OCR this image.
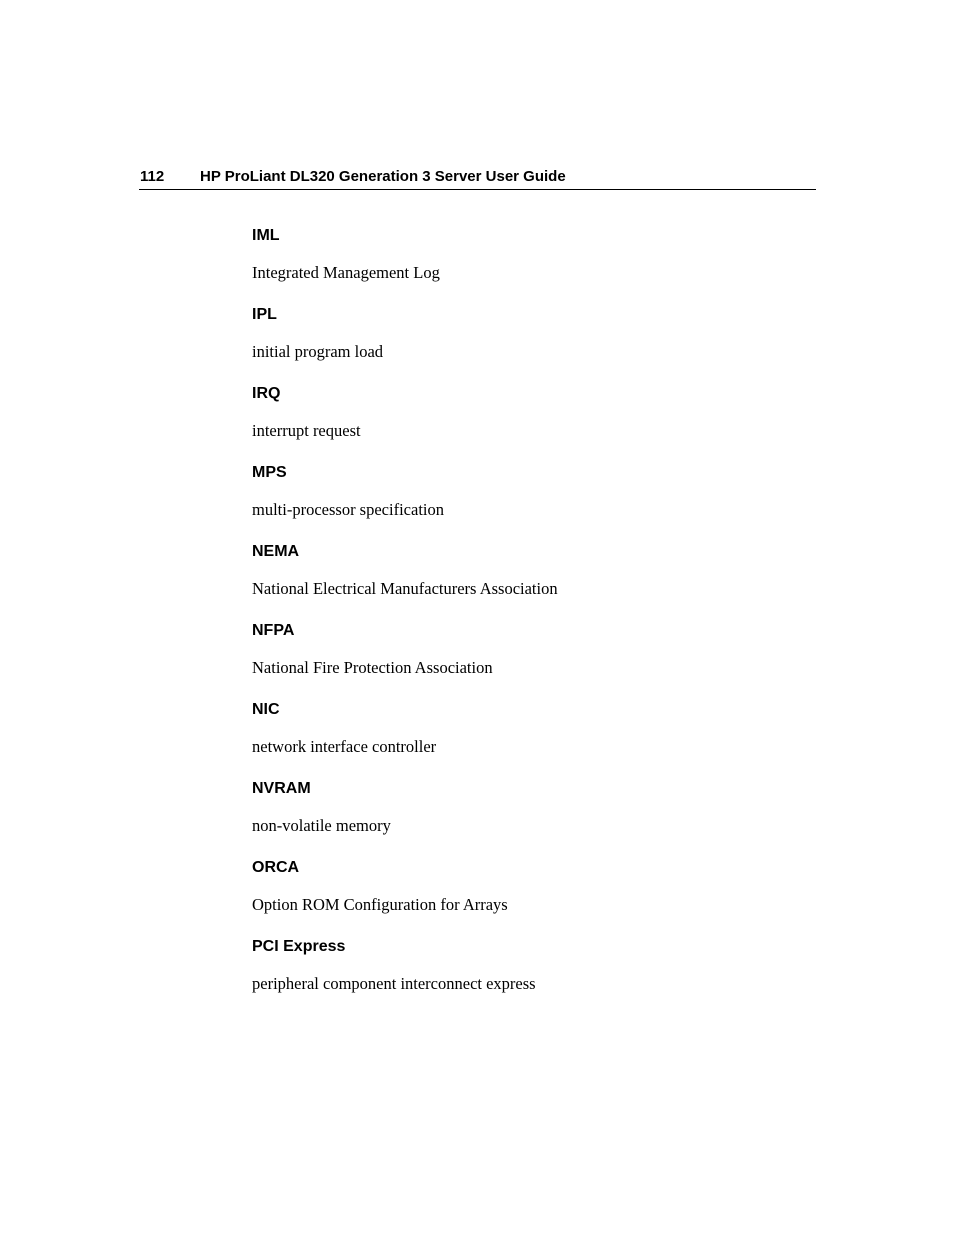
112 HP ProLiant DL320 Generation 3 Server User Guide
IML
Integrated Management Log
IPL
initial program load
IRQ
interrupt request
MPS
multi-processor specification
NEMA
National Electrical Manufacturers Association
NFPA
National Fire Protection Association
NIC
network interface controller
NVRAM
non-volatile memory
ORCA
Option ROM Configuration for Arrays
PCI Express
peripheral component interconnect express
